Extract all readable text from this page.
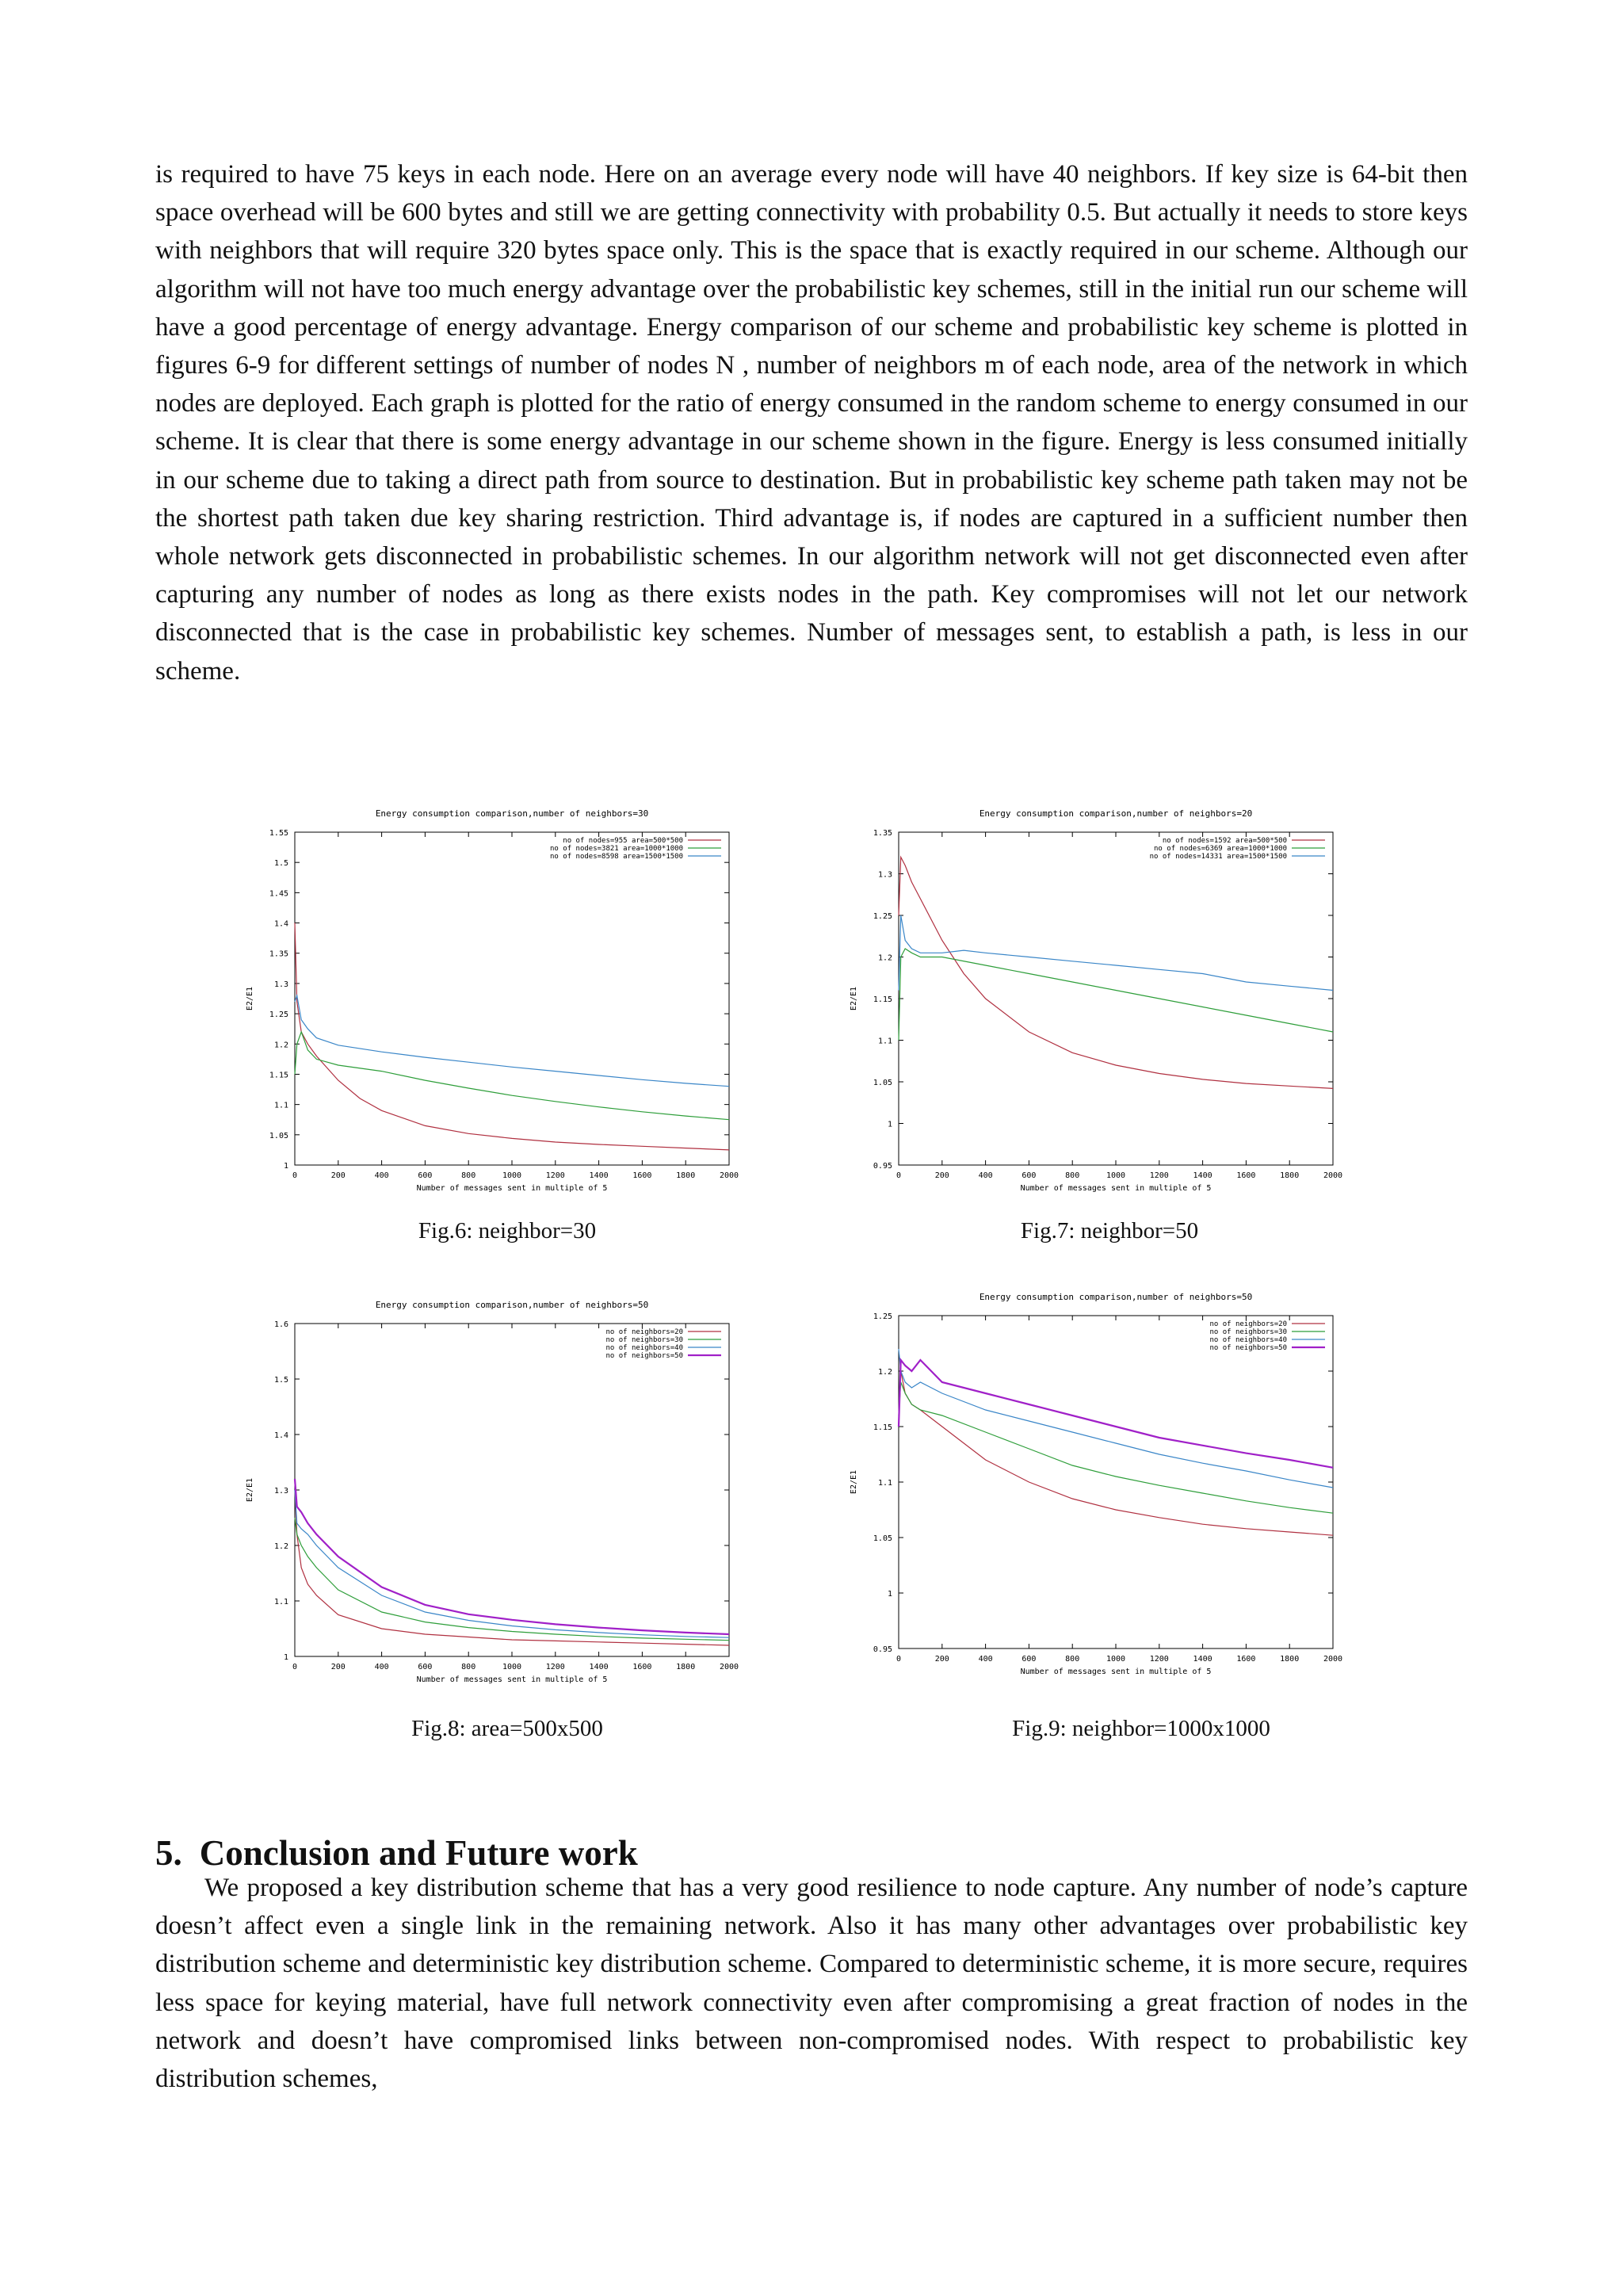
is required to have 75 keys in each node. Here on an average every node will have 40 neighbors. If key size is 64-bit then space overhead will be 600 bytes and still we are getting connectivity with probability 0.5. But actually it needs to store keys with neighbors that will require 320 bytes space only. This is the space that is exactly required in our scheme. Although our algorithm will not have too much energy advantage over the probabilistic key schemes, still in the initial run our scheme will have a good percentage of energy advantage. Energy comparison of our scheme and probabilistic key scheme is plotted in figures 6-9 for different settings of number of nodes N , number of neighbors m of each node, area of the network in which nodes are deployed. Each graph is plotted for the ratio of energy consumed in the random scheme to energy consumed in our scheme. It is clear that there is some energy advantage in our scheme shown in the figure. Energy is less consumed initially in our scheme due to taking a direct path from source to destination. But in probabilistic key scheme path taken may not be the shortest path taken due key sharing restriction. Third advantage is, if nodes are captured in a sufficient number then whole network gets disconnected in probabilistic schemes. In our algorithm network will not get disconnected even after capturing any number of nodes as long as there exists nodes in the path. Key compromises will not let our network disconnected that is the case in probabilistic key schemes. Number of messages sent, to establish a path, is less in our scheme.

Energy consumption comparison,number of neighbors=30
0	200	400	600	800	1000	1200	1400	1600	1800	2000
1
1.05
1.1
1.15
1.2
1.25
1.3
1.35
1.4
1.45
1.5
1.55
Number of messages sent in multiple of 5
E2/E1
no of nodes=955 area=500*500
no of nodes=3821 area=1000*1000
no of nodes=8598 area=1500*1500

Fig.6: neighbor=30

Energy consumption comparison,number of neighbors=20
0	200	400	600	800	1000	1200	1400	1600	1800	2000
0.95
1
1.05
1.1
1.15
1.2
1.25
1.3
1.35
Number of messages sent in multiple of 5
E2/E1
no of nodes=1592 area=500*500
no of nodes=6369 area=1000*1000
no of nodes=14331 area=1500*1500

Fig.7: neighbor=50

Energy consumption comparison,number of neighbors=50
0	200	400	600	800	1000	1200	1400	1600	1800	2000
1
1.1
1.2
1.3
1.4
1.5
1.6
Number of messages sent in multiple of 5
E2/E1
no of neighbors=20
no of neighbors=30
no of neighbors=40
no of neighbors=50

Fig.8: area=500x500

Energy consumption comparison,number of neighbors=50
0	200	400	600	800	1000	1200	1400	1600	1800	2000
0.95
1
1.05
1.1
1.15
1.2
1.25
Number of messages sent in multiple of 5
E2/E1
no of neighbors=20
no of neighbors=30
no of neighbors=40
no of neighbors=50

Fig.9: neighbor=1000x1000

5. Conclusion and Future work

We proposed a key distribution scheme that has a very good resilience to node capture. Any number of node’s capture doesn’t affect even a single link in the remaining network. Also it has many other advantages over probabilistic key distribution scheme and deterministic key distribution scheme. Compared to deterministic scheme, it is more secure, requires less space for keying material, have full network connectivity even after compromising a great fraction of nodes in the network and doesn’t have compromised links between non-compromised nodes. With respect to probabilistic key distribution schemes,
